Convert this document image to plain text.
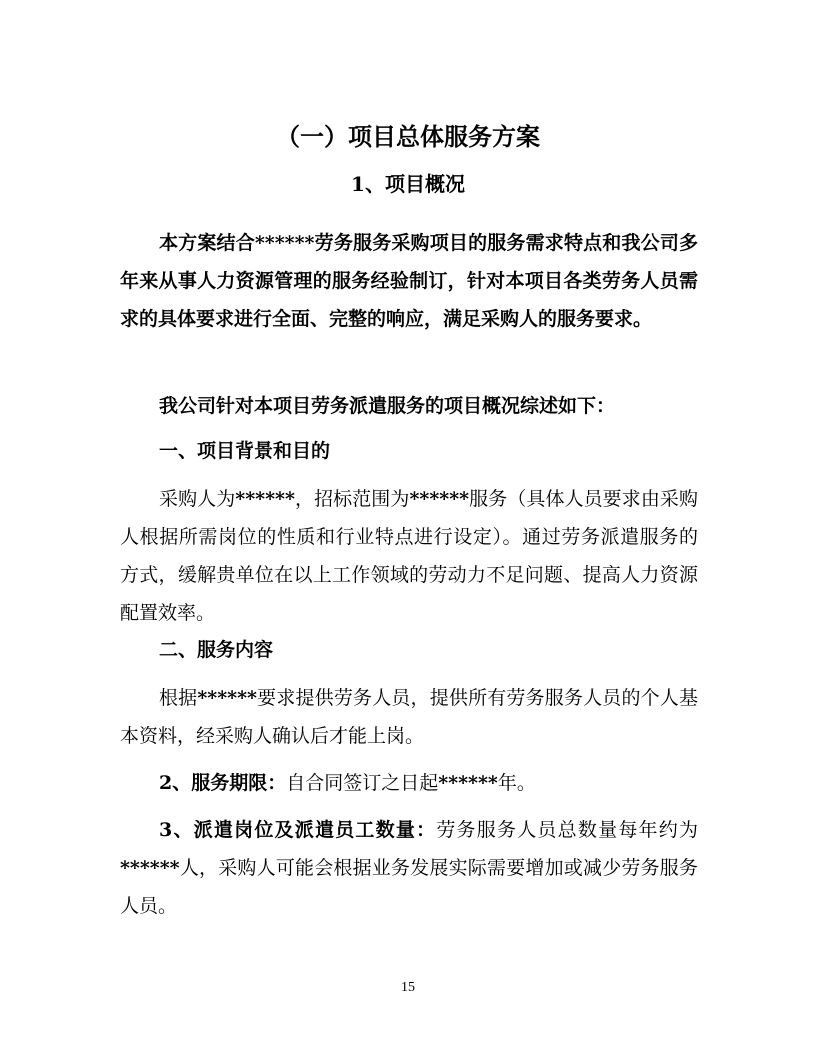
（一）项目总体服务方案
1、项目概况

本方案结合******劳务服务采购项目的服务需求特点和我公司多年来从事人力资源管理的服务经验制订，针对本项目各类劳务人员需求的具体要求进行全面、完整的响应，满足采购人的服务要求。

我公司针对本项目劳务派遣服务的项目概况综述如下：

一、项目背景和目的

采购人为******，招标范围为******服务（具体人员要求由采购人根据所需岗位的性质和行业特点进行设定）。通过劳务派遣服务的方式，缓解贵单位在以上工作领域的劳动力不足问题、提高人力资源配置效率。

二、服务内容

根据******要求提供劳务人员，提供所有劳务服务人员的个人基本资料，经采购人确认后才能上岗。

2、服务期限：自合同签订之日起******年。

3、派遣岗位及派遣员工数量：劳务服务人员总数量每年约为******人，采购人可能会根据业务发展实际需要增加或减少劳务服务人员。

15
